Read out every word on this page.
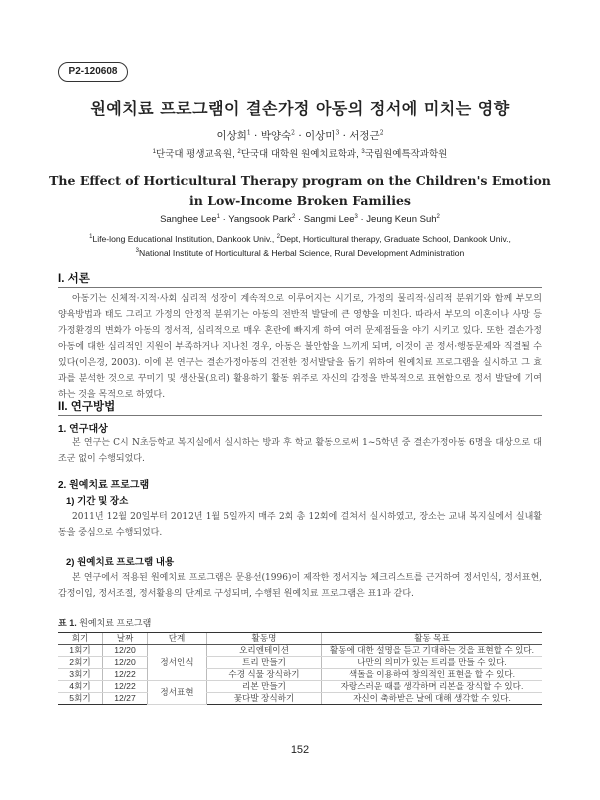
P2-120608
원예치료 프로그램이 결손가정 아동의 정서에 미치는 영향
이상희$^1$ · 박양숙$^2$ · 이상미$^3$ · 서정근$^2$
$^1$단국대 평생교육원, $^2$단국대 대학원 원예치료학과, $^3$국립원예특작과학원
The Effect of Horticultural Therapy program on the Children's Emotion
in Low-Income Broken Families
Sanghee Lee$^1$ · Yangsook Park$^2$ · Sangmi Lee$^3$ · Jeung Keun Suh$^2$
$^1$Life-long Educational Institution, Dankook Univ., $^2$Dept, Horticultural therapy, Graduate School, Dankook Univ.,
$^3$National Institute of Horticultural & Herbal Science, Rural Development Administration
I. 서론

아동기는 신체적·지적·사회 심리적 성장이 계속적으로 이루어지는 시기로, 가정의 물리적·심리적 분위기와 함께 부모의 양육방법과 태도 그리고 가정의 안정적 분위기는 아동의 전반적 발달에 큰 영향을 미친다. 따라서 부모의 이혼이나 사망 등 가정환경의 변화가 아동의 정서적, 심리적으로 매우 혼란에 빠지게 하여 여러 문제점들을 야기 시키고 있다. 또한 결손가정 아동에 대한 심리적인 지원이 부족하거나 지나친 경우, 아동은 불안함을 느끼게 되며, 이것이 곧 정서·행동문제와 직결될 수 있다(이은경, 2003). 이에 본 연구는 결손가정아동의 건전한 정서발달을 돕기 위하여 원예치료 프로그램을 실시하고 그 효과를 분석한 것으로 꾸미기 및 생산물(요리) 활용하기 활동 위주로 자신의 감정을 반복적으로 표현함으로 정서 발달에 기여하는 것을 목적으로 하였다.

II. 연구방법
1. 연구대상

본 연구는 C시 N초등학교 복지실에서 실시하는 방과 후 학교 활동으로써 1~5학년 중 결손가정아동 6명을 대상으로 대조군 없이 수행되었다.

2. 원예치료 프로그램
1) 기간 및 장소

2011년 12월 20일부터 2012년 1월 5일까지 매주 2회 총 12회에 걸쳐서 실시하였고, 장소는 교내 복지실에서 실내활동을 중심으로 수행되었다.

2) 원예치료 프로그램 내용

본 연구에서 적용된 원예치료 프로그램은 문용선(1996)이 제작한 정서지능 체크리스트를 근거하여 정서인식, 정서표현, 감정이입, 정서조절, 정서활용의 단계로 구성되며, 수행된 원예치료 프로그램은 표1과 같다.

표 1. 원예치료 프로그램
회기	날짜	단계	활동명	활동 목표
1회기	12/20	정서인식	오리엔테이션	활동에 대한 설명을 듣고 기대하는 것을 표현할 수 있다.
2회기	12/20		트리 만들기	나만의 의미가 있는 트리를 만들 수 있다.
3회기	12/22		수경 식물 장식하기	색돌을 이용하여 창의적인 표현을 할 수 있다.
4회기	12/22	정서표현	리본 만들기	자랑스러운 때를 생각하며 리본을 장식할 수 있다.
5회기	12/27		꽃다발 장식하기	자신이 축하받은 날에 대해 생각할 수 있다.
152
